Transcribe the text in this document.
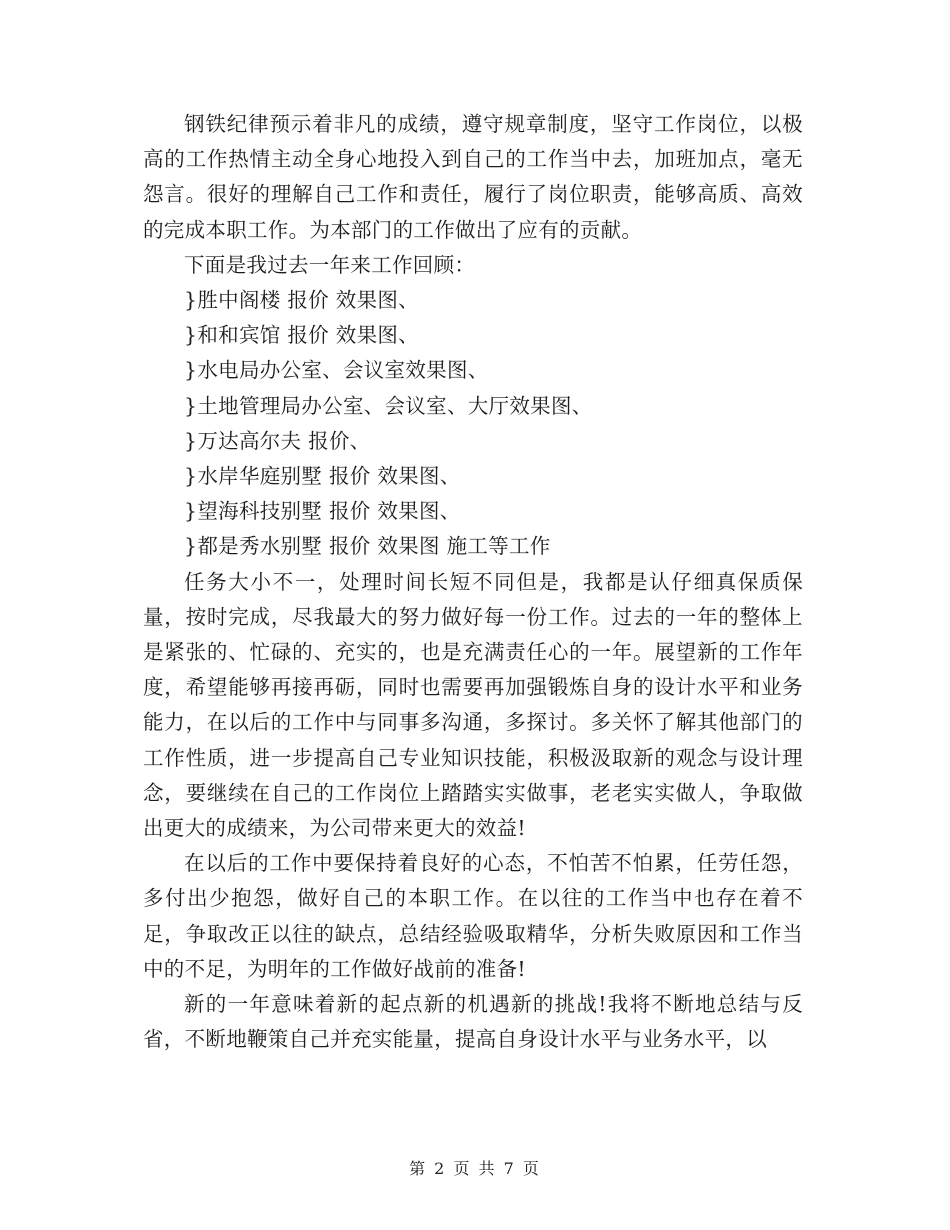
钢铁纪律预示着非凡的成绩，遵守规章制度，坚守工作岗位，以极高的工作热情主动全身心地投入到自己的工作当中去，加班加点，毫无怨言。很好的理解自己工作和责任，履行了岗位职责，能够高质、高效的完成本职工作。为本部门的工作做出了应有的贡献。

下面是我过去一年来工作回顾：

}胜中阁楼 报价 效果图、

}和和宾馆 报价 效果图、

}水电局办公室、会议室效果图、

}土地管理局办公室、会议室、大厅效果图、

}万达高尔夫 报价、

}水岸华庭别墅 报价 效果图、

}望海科技别墅 报价 效果图、

}都是秀水别墅 报价 效果图 施工等工作

任务大小不一，处理时间长短不同但是，我都是认仔细真保质保量，按时完成，尽我最大的努力做好每一份工作。过去的一年的整体上是紧张的、忙碌的、充实的，也是充满责任心的一年。展望新的工作年度，希望能够再接再砺，同时也需要再加强锻炼自身的设计水平和业务能力，在以后的工作中与同事多沟通，多探讨。多关怀了解其他部门的工作性质，进一步提高自己专业知识技能，积极汲取新的观念与设计理念，要继续在自己的工作岗位上踏踏实实做事，老老实实做人，争取做出更大的成绩来，为公司带来更大的效益!

在以后的工作中要保持着良好的心态，不怕苦不怕累，任劳任怨，多付出少抱怨，做好自己的本职工作。在以往的工作当中也存在着不足，争取改正以往的缺点，总结经验吸取精华，分析失败原因和工作当中的不足，为明年的工作做好战前的准备!

新的一年意味着新的起点新的机遇新的挑战!我将不断地总结与反省，不断地鞭策自己并充实能量，提高自身设计水平与业务水平，以

第 2 页 共 7 页
